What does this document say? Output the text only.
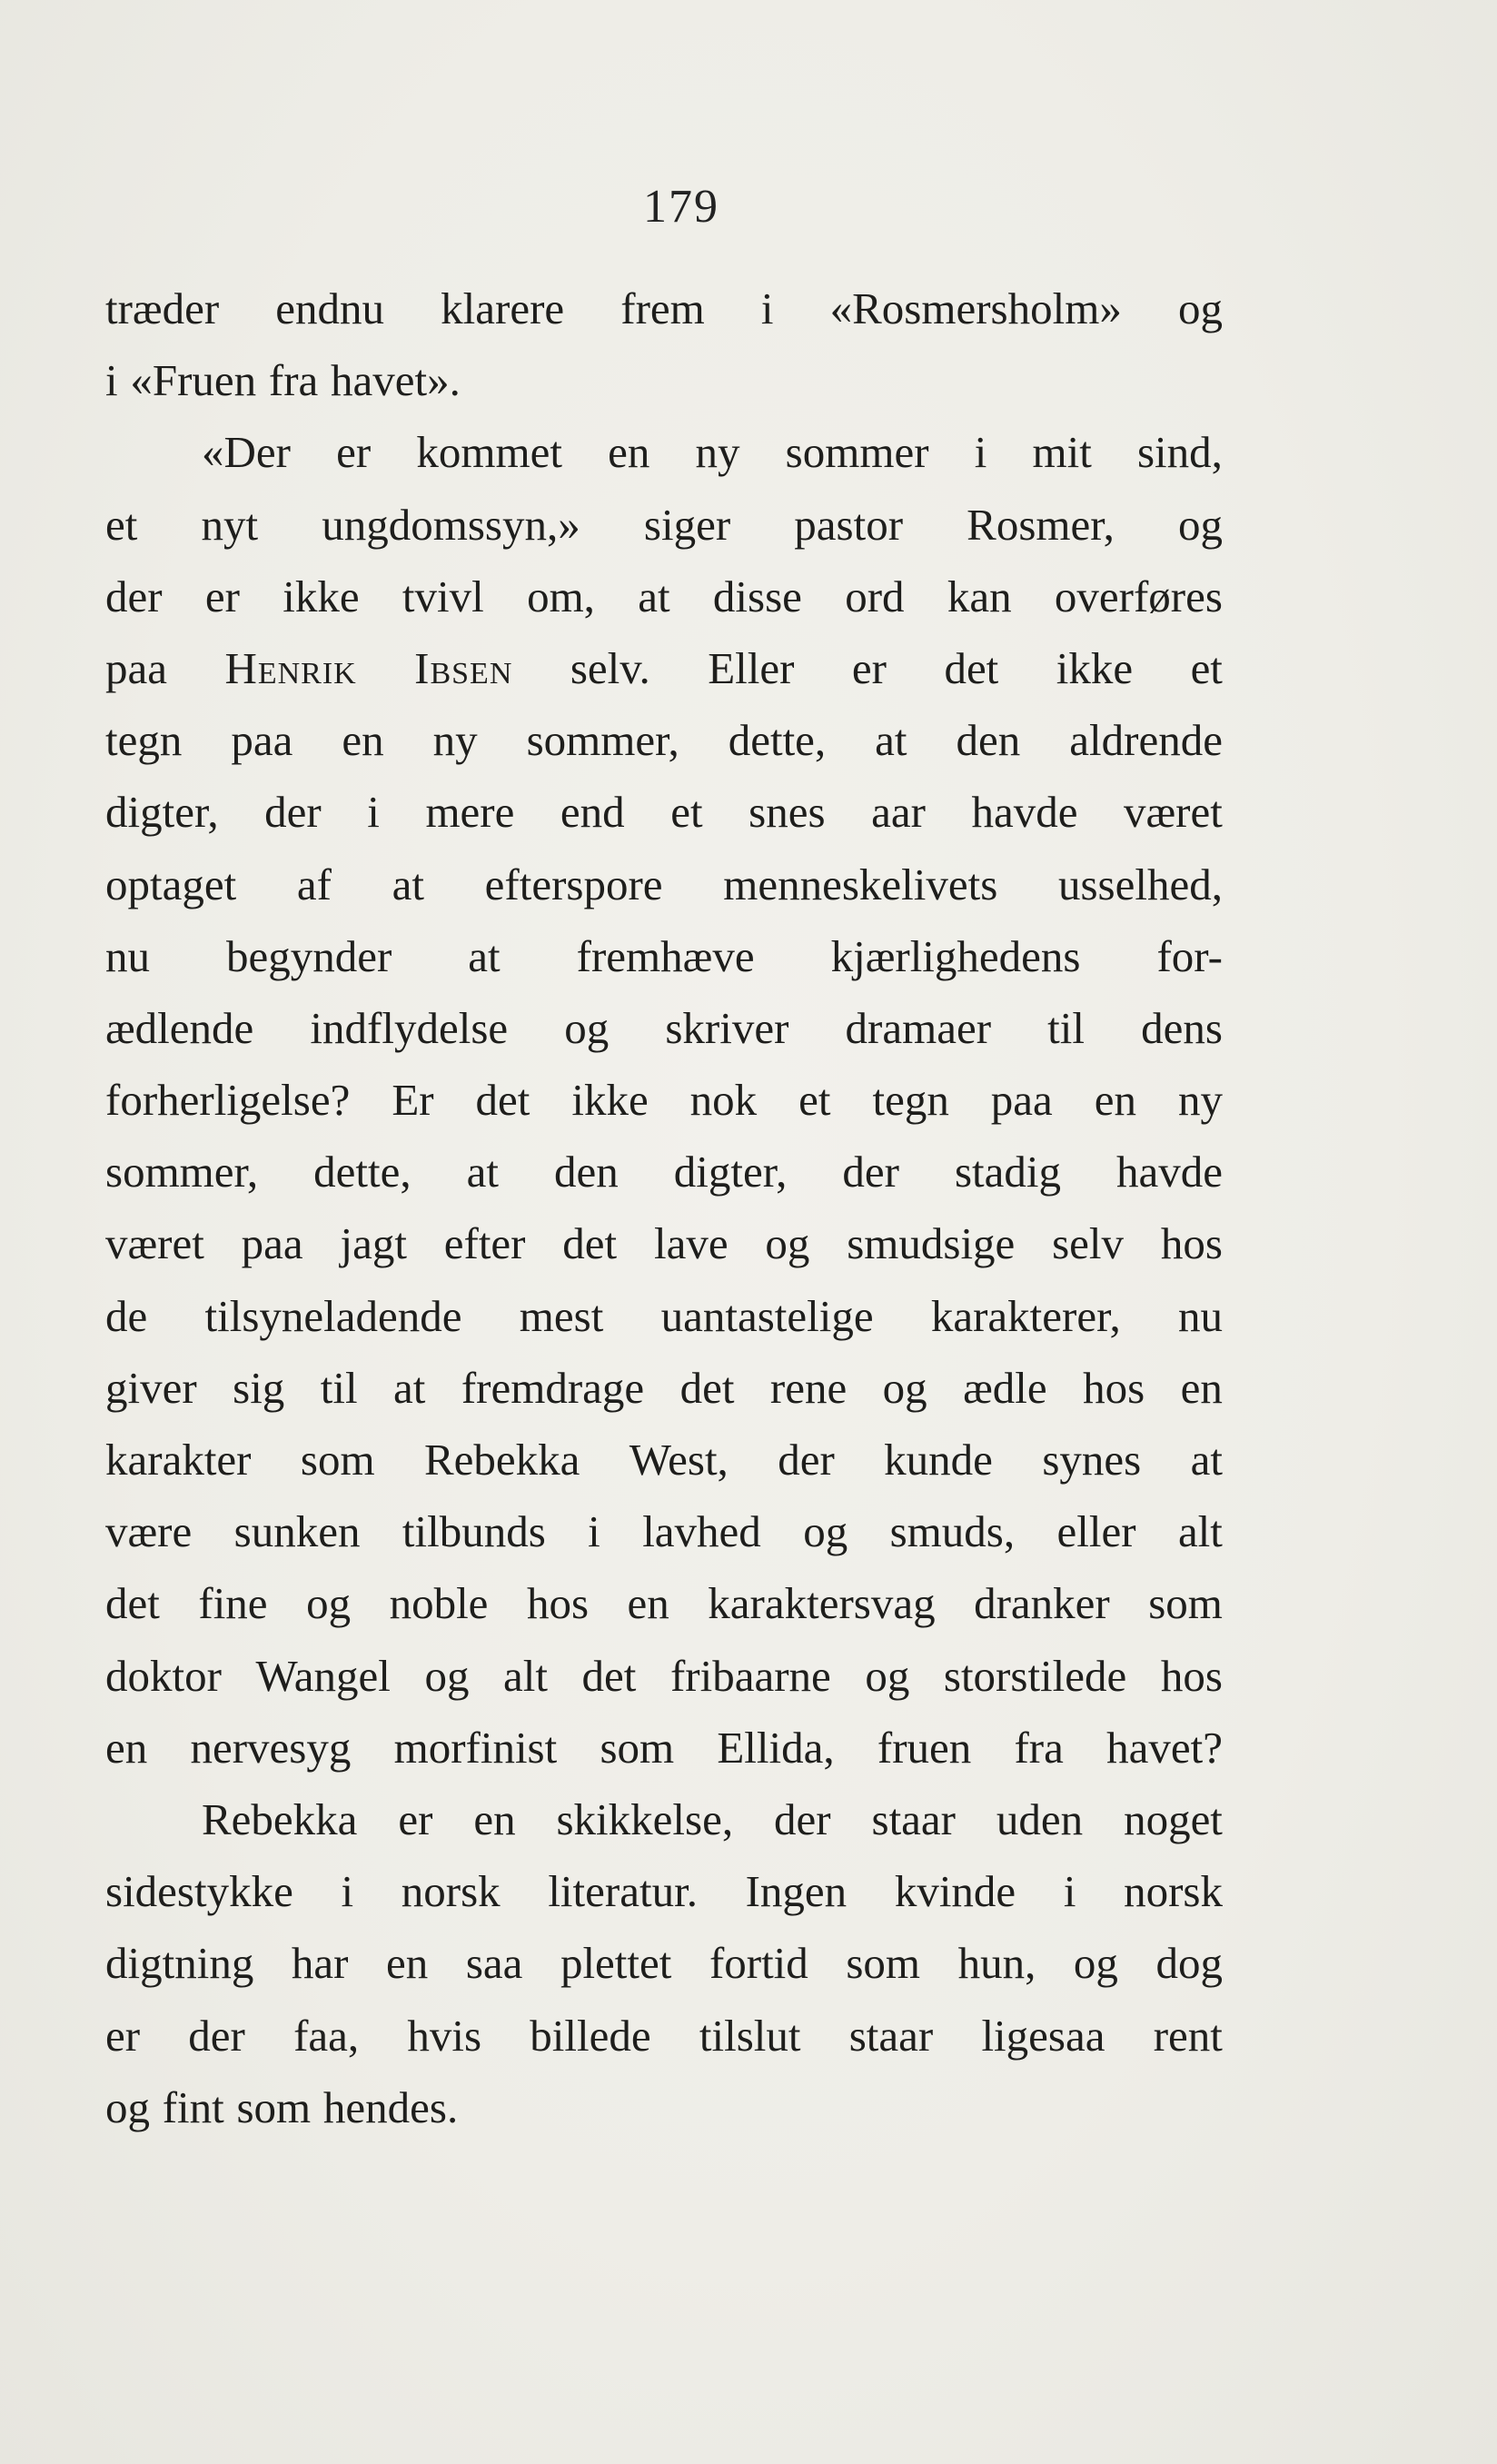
179
træder endnu klarere frem i «Rosmersholm» og
i «Fruen fra havet».
«Der er kommet en ny sommer i mit sind,
et nyt ungdomssyn,» siger pastor Rosmer, og
der er ikke tvivl om, at disse ord kan overføres
paa Henrik Ibsen selv. Eller er det ikke et
tegn paa en ny sommer, dette, at den aldrende
digter, der i mere end et snes aar havde været
optaget af at efterspore menneskelivets usselhed,
nu begynder at fremhæve kjærlighedens for-
ædlende indflydelse og skriver dramaer til dens
forherligelse? Er det ikke nok et tegn paa en ny
sommer, dette, at den digter, der stadig havde
været paa jagt efter det lave og smudsige selv hos
de tilsyneladende mest uantastelige karakterer, nu
giver sig til at fremdrage det rene og ædle hos en
karakter som Rebekka West, der kunde synes at
være sunken tilbunds i lavhed og smuds, eller alt
det fine og noble hos en karaktersvag dranker som
doktor Wangel og alt det fribaarne og storstilede hos
en nervesyg morfinist som Ellida, fruen fra havet?
Rebekka er en skikkelse, der staar uden noget
sidestykke i norsk literatur. Ingen kvinde i norsk
digtning har en saa plettet fortid som hun, og dog
er der faa, hvis billede tilslut staar ligesaa rent
og fint som hendes.
